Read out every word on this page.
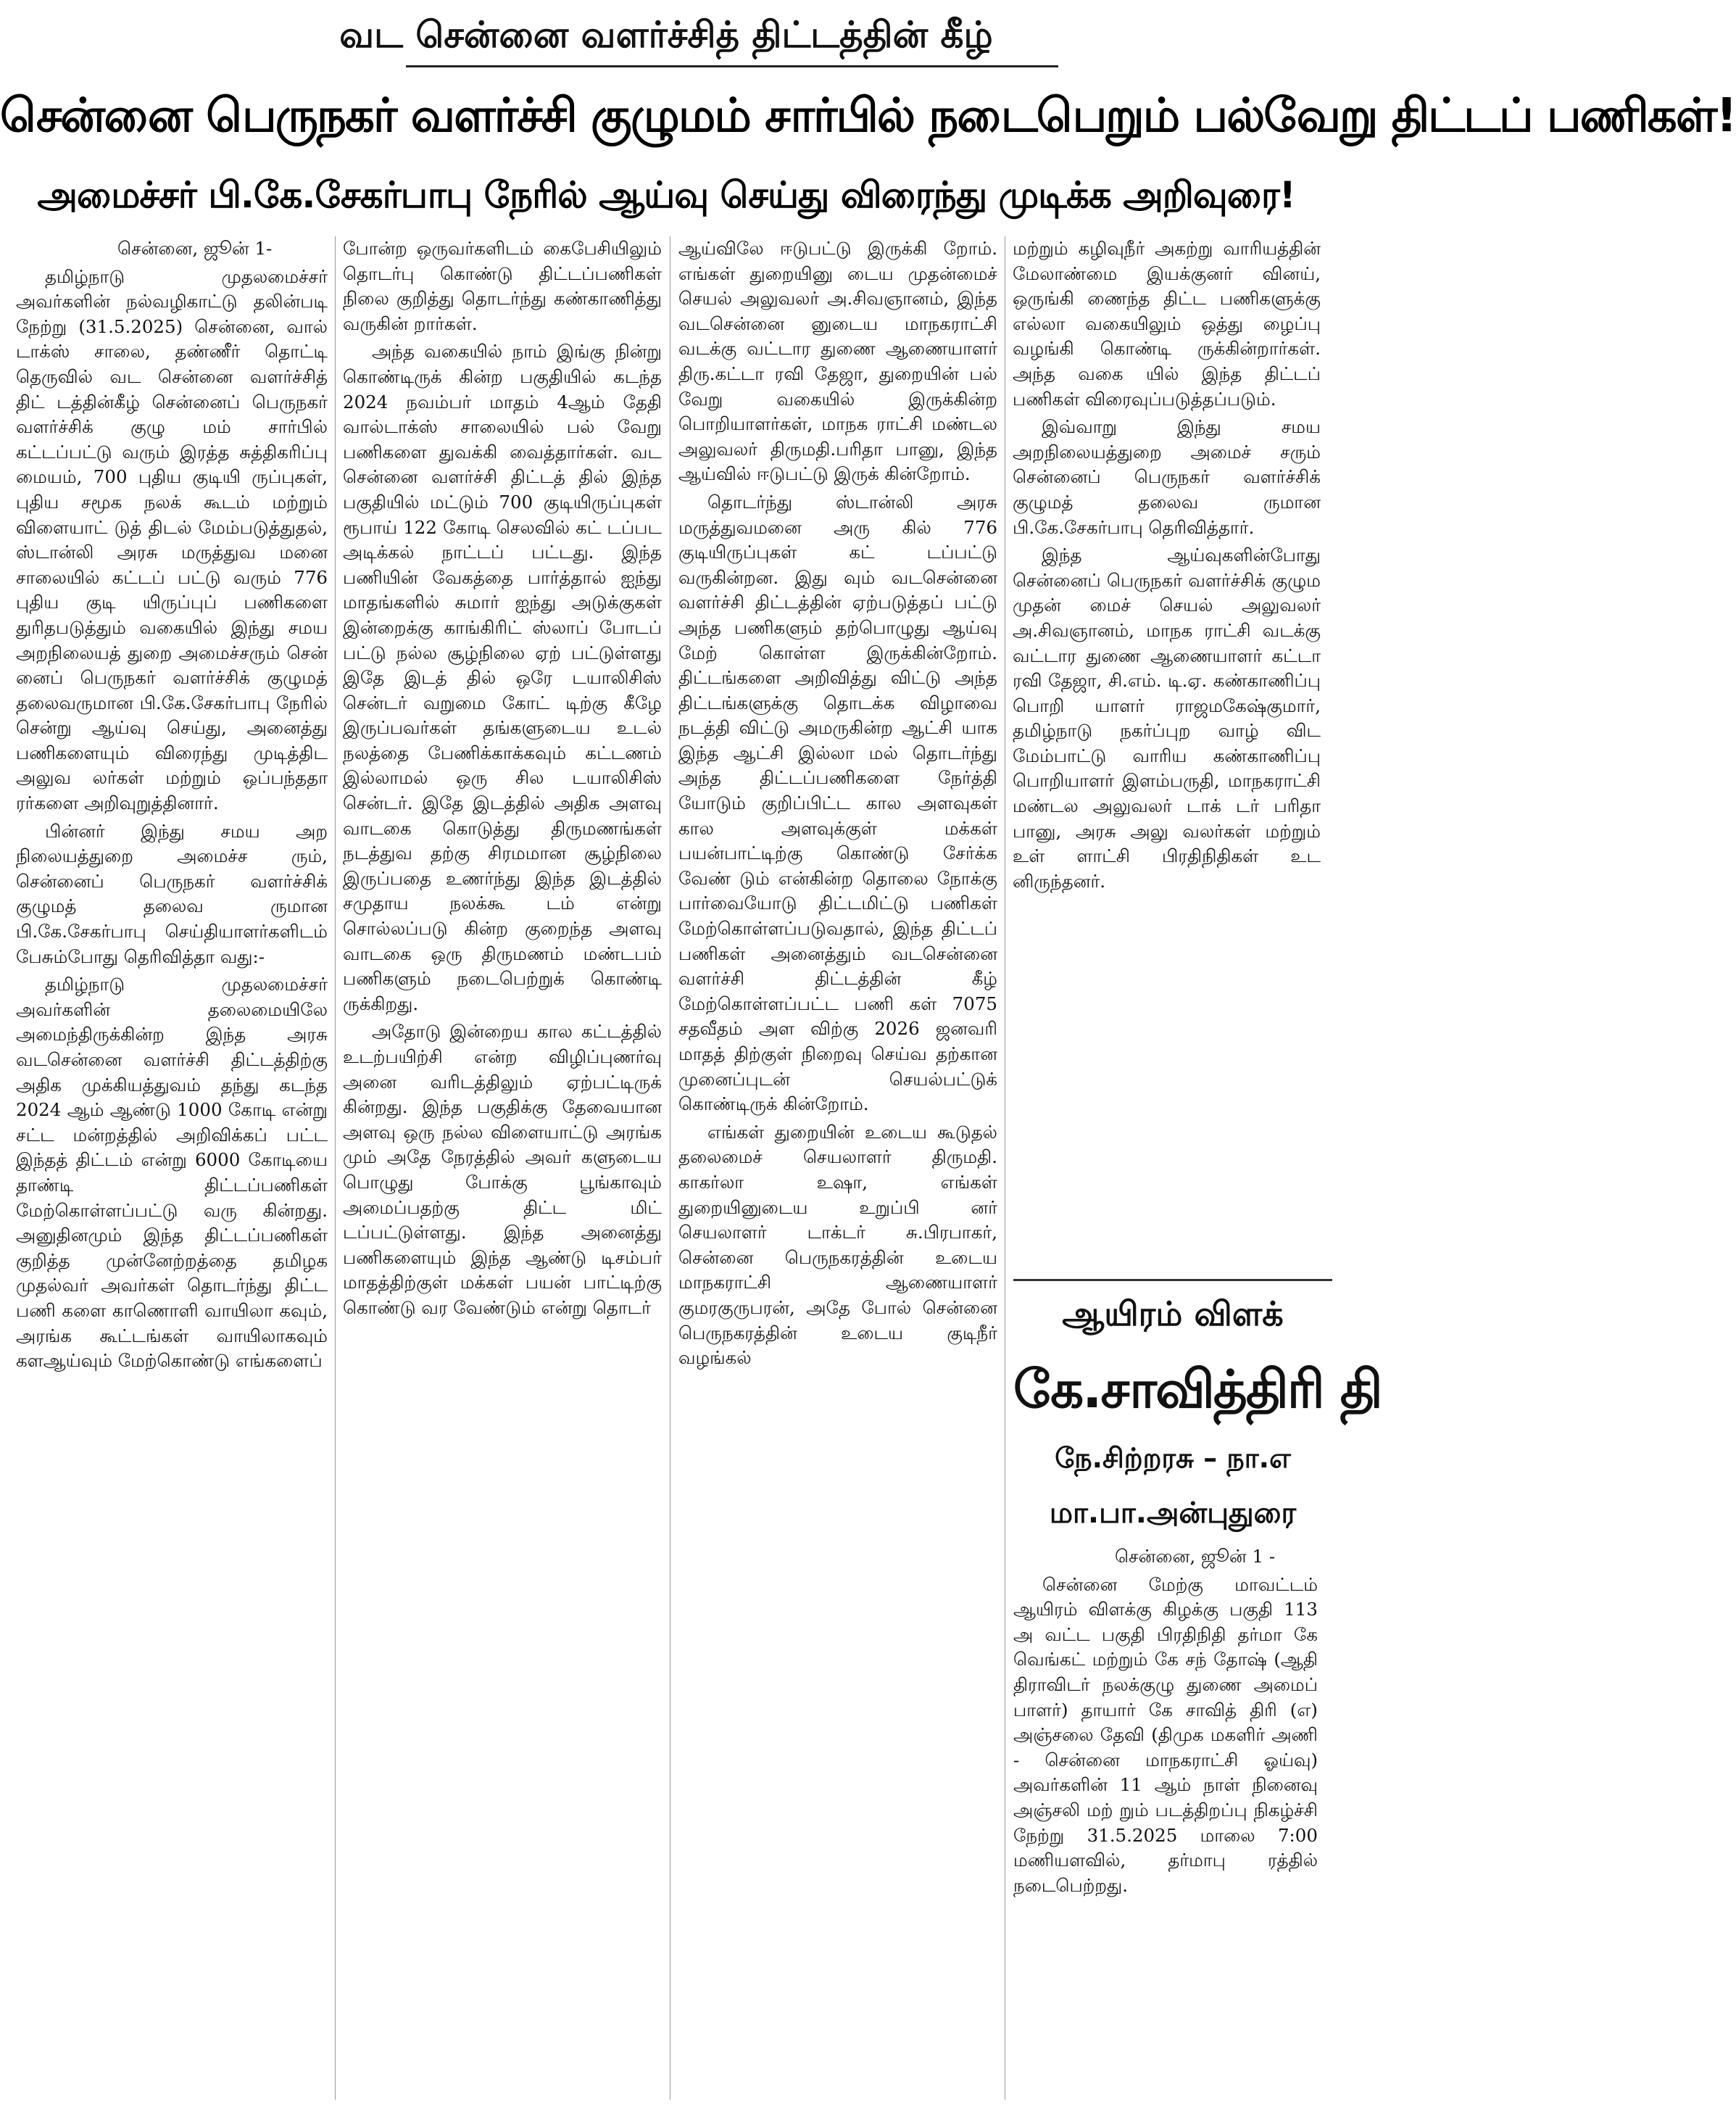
வட சென்னை வளர்ச்சித் திட்டத்தின் கீழ்
சென்னை பெருநகர் வளர்ச்சி குழுமம் சார்பில் நடைபெறும் பல்வேறு திட்டப் பணிகள்!
அமைச்சர் பி.கே.சேகர்பாபு நேரில் ஆய்வு செய்து விரைந்து முடிக்க அறிவுரை!

சென்னை, ஜூன் 1-

தமிழ்நாடு முதலமைச்சர் அவர்களின் நல்வழிகாட்டு தலின்படி நேற்று (31.5.2025) சென்னை, வால் டாக்ஸ் சாலை, தண்ணீர் தொட்டி தெருவில் வட சென்னை வளர்ச்சித் திட் டத்தின்கீழ் சென்னைப் பெருநகர் வளர்ச்சிக் குழு மம் சார்பில் கட்டப்பட்டு வரும் இரத்த சுத்திகரிப்பு மையம், 700 புதிய குடியி ருப்புகள், புதிய சமூக நலக் கூடம் மற்றும் விளையாட் டுத் திடல் மேம்படுத்துதல், ஸ்டான்லி அரசு மருத்துவ மனை சாலையில் கட்டப் பட்டு வரும் 776 புதிய குடி யிருப்புப் பணிகளை துரிதபடுத்தும் வகையில் இந்து சமய அறநிலையத் துறை அமைச்சரும் சென் னைப் பெருநகர் வளர்ச்சிக் குழுமத் தலைவருமான பி.கே.சேகர்பாபு நேரில் சென்று ஆய்வு செய்து, அனைத்து பணிகளையும் விரைந்து முடித்திட அலுவ லர்கள் மற்றும் ஒப்பந்ததா ரர்களை அறிவுறுத்தினார்.

பின்னர் இந்து சமய அற நிலையத்துறை அமைச்ச ரும், சென்னைப் பெருநகர் வளர்ச்சிக் குழுமத் தலைவ ருமான பி.கே.சேகர்பாபு செய்தியாளர்களிடம் பேசும்போது தெரிவித்தா வது:-

தமிழ்நாடு முதலமைச்சர் அவர்களின் தலைமையிலே அமைந்திருக்கின்ற இந்த அரசு வடசென்னை வளர்ச்சி திட்டத்திற்கு அதிக முக்கியத்துவம் தந்து கடந்த 2024 ஆம் ஆண்டு 1000 கோடி என்று சட்ட மன்றத்தில் அறிவிக்கப் பட்ட இந்தத் திட்டம் என்று 6000 கோடியை தாண்டி திட்டப்பணிகள் மேற்கொள்ளப்பட்டு வரு கின்றது. அனுதினமும் இந்த திட்டப்பணிகள் குறித்த முன்னேற்றத்தை தமிழக முதல்வர் அவர்கள் தொடர்ந்து திட்ட பணி களை காணொளி வாயிலா கவும், அரங்க கூட்டங்கள் வாயிலாகவும் களஆய்வும் மேற்கொண்டு எங்களைப்

போன்ற ஒருவர்களிடம் கைபேசியிலும் தொடர்பு கொண்டு திட்டப்பணிகள் நிலை குறித்து தொடர்ந்து கண்காணித்து வருகின் றார்கள்.

அந்த வகையில் நாம் இங்கு நின்று கொண்டிருக் கின்ற பகுதியில் கடந்த 2024 நவம்பர் மாதம் 4ஆம் தேதி வால்டாக்ஸ் சாலையில் பல் வேறு பணிகளை துவக்கி வைத்தார்கள். வட சென்னை வளர்ச்சி திட்டத் தில் இந்த பகுதியில் மட்டும் 700 குடியிருப்புகள் ரூபாய் 122 கோடி செலவில் கட் டப்பட அடிக்கல் நாட்டப் பட்டது. இந்த பணியின் வேகத்தை பார்த்தால் ஐந்து மாதங்களில் சுமார் ஐந்து அடுக்குகள் இன்றைக்கு காங்கிரிட் ஸ்லாப் போடப் பட்டு நல்ல சூழ்நிலை ஏற் பட்டுள்ளது இதே இடத் தில் ஒரே டயாலிசிஸ் சென்டர் வறுமை கோட் டிற்கு கீழே இருப்பவர்கள் தங்களுடைய உடல் நலத்தை பேணிக்காக்கவும் கட்டணம் இல்லாமல் ஒரு சில டயாலிசிஸ் சென்டர். இதே இடத்தில் அதிக அளவு வாடகை கொடுத்து திருமணங்கள் நடத்துவ தற்கு சிரமமான சூழ்நிலை இருப்பதை உணர்ந்து இந்த இடத்தில் சமுதாய நலக்கூ டம் என்று சொல்லப்படு கின்ற குறைந்த அளவு வாடகை ஒரு திருமணம் மண்டபம் பணிகளும் நடைபெற்றுக் கொண்டி ருக்கிறது.

அதோடு இன்றைய கால கட்டத்தில் உடற்பயிற்சி என்ற விழிப்புணர்வு அனை வரிடத்திலும் ஏற்பட்டிருக் கின்றது. இந்த பகுதிக்கு தேவையான அளவு ஒரு நல்ல விளையாட்டு அரங்க மும் அதே நேரத்தில் அவர் களுடைய பொழுது போக்கு பூங்காவும் அமைப்பதற்கு திட்ட மிட் டப்பட்டுள்ளது. இந்த அனைத்து பணிகளையும் இந்த ஆண்டு டிசம்பர் மாதத்திற்குள் மக்கள் பயன் பாட்டிற்கு கொண்டு வர வேண்டும் என்று தொடர்

ஆய்விலே ஈடுபட்டு இருக்கி றோம். எங்கள் துறையினு டைய முதன்மைச் செயல் அலுவலர் அ.சிவஞானம், இந்த வடசென்னை னுடைய மாநகராட்சி வடக்கு வட்டார துணை ஆணையாளர் திரு.கட்டா ரவி தேஜா, துறையின் பல் வேறு வகையில் இருக்கின்ற பொறியாளர்கள், மாநக ராட்சி மண்டல அலுவலர் திருமதி.பரிதா பானு, இந்த ஆய்வில் ஈடுபட்டு இருக் கின்றோம்.

தொடர்ந்து ஸ்டான்லி அரசு மருத்துவமனை அரு கில் 776 குடியிருப்புகள் கட் டப்பட்டு வருகின்றன. இது வும் வடசென்னை வளர்ச்சி திட்டத்தின் ஏற்படுத்தப் பட்டு அந்த பணிகளும் தற்பொழுது ஆய்வு மேற் கொள்ள இருக்கின்றோம். திட்டங்களை அறிவித்து விட்டு அந்த திட்டங்களுக்கு தொடக்க விழாவை நடத்தி விட்டு அமருகின்ற ஆட்சி யாக இந்த ஆட்சி இல்லா மல் தொடர்ந்து அந்த திட்டப்பணிகளை நேர்த்தி யோடும் குறிப்பிட்ட கால அளவுகள் கால அளவுக்குள் மக்கள் பயன்பாட்டிற்கு கொண்டு சேர்க்க வேண் டும் என்கின்ற தொலை நோக்கு பார்வையோடு திட்டமிட்டு பணிகள் மேற்கொள்ளப்படுவதால், இந்த திட்டப் பணிகள் அனைத்தும் வடசென்னை வளர்ச்சி திட்டத்தின் கீழ் மேற்கொள்ளப்பட்ட பணி கள் 7075 சதவீதம் அள விற்கு 2026 ஜனவரி மாதத் திற்குள் நிறைவு செய்வ தற்கான முனைப்புடன் செயல்பட்டுக் கொண்டிருக் கின்றோம்.

எங்கள் துறையின் உடைய கூடுதல் தலைமைச் செயலாளர் திருமதி. காகர்லா உஷா, எங்கள் துறையினுடைய உறுப்பி னர் செயலாளர் டாக்டர் சு.பிரபாகர், சென்னை பெருநகரத்தின் உடைய மாநகராட்சி ஆணையாளர் குமரகுருபரன், அதே போல் சென்னை பெருநகரத்தின் உடைய குடிநீர் வழங்கல்

மற்றும் கழிவுநீர் அகற்று வாரியத்தின் மேலாண்மை இயக்குனர் வினய், ஒருங்கி ணைந்த திட்ட பணிகளுக்கு எல்லா வகையிலும் ஒத்து ழைப்பு வழங்கி கொண்டி ருக்கின்றார்கள். அந்த வகை யில் இந்த திட்டப் பணிகள் விரைவுப்படுத்தப்படும்.

இவ்வாறு இந்து சமய அறநிலையத்துறை அமைச் சரும் சென்னைப் பெருநகர் வளர்ச்சிக் குழுமத் தலைவ ருமான பி.கே.சேகர்பாபு தெரிவித்தார்.

இந்த ஆய்வுகளின்போது சென்னைப் பெருநகர் வளர்ச்சிக் குழும முதன் மைச் செயல் அலுவலர் அ.சிவஞானம், மாநக ராட்சி வடக்கு வட்டார துணை ஆணையாளர் கட்டா ரவி தேஜா, சி.எம். டி.ஏ. கண்காணிப்பு பொறி யாளர் ராஜமகேஷ்குமார், தமிழ்நாடு நகர்ப்புற வாழ் விட மேம்பாட்டு வாரிய கண்காணிப்பு பொறியாளர் இளம்பருதி, மாநகராட்சி மண்டல அலுவலர் டாக் டர் பரிதா பானு, அரசு அலு வலர்கள் மற்றும் உள் ளாட்சி பிரதிநிதிகள் உட னிருந்தனர்.

ஆயிரம் விளக்
கே.சாவித்திரி தி
நே.சிற்றரசு – நா.எ
மா.பா.அன்புதுரை

சென்னை, ஜூன் 1 -

சென்னை மேற்கு மாவட்டம் ஆயிரம் விளக்கு கிழக்கு பகுதி 113 அ வட்ட பகுதி பிரதிநிதி தர்மா கே வெங்கட் மற்றும் கே சந் தோஷ் (ஆதி திராவிடர் நலக்குழு துணை அமைப் பாளர்) தாயார் கே சாவித் திரி (எ) அஞ்சலை தேவி (திமுக மகளிர் அணி - சென்னை மாநகராட்சி ஓய்வு) அவர்களின் 11 ஆம் நாள் நினைவு அஞ்சலி மற் றும் படத்திறப்பு நிகழ்ச்சி நேற்று 31.5.2025 மாலை 7:00 மணியளவில், தர்மாபு ரத்தில் நடைபெற்றது.
